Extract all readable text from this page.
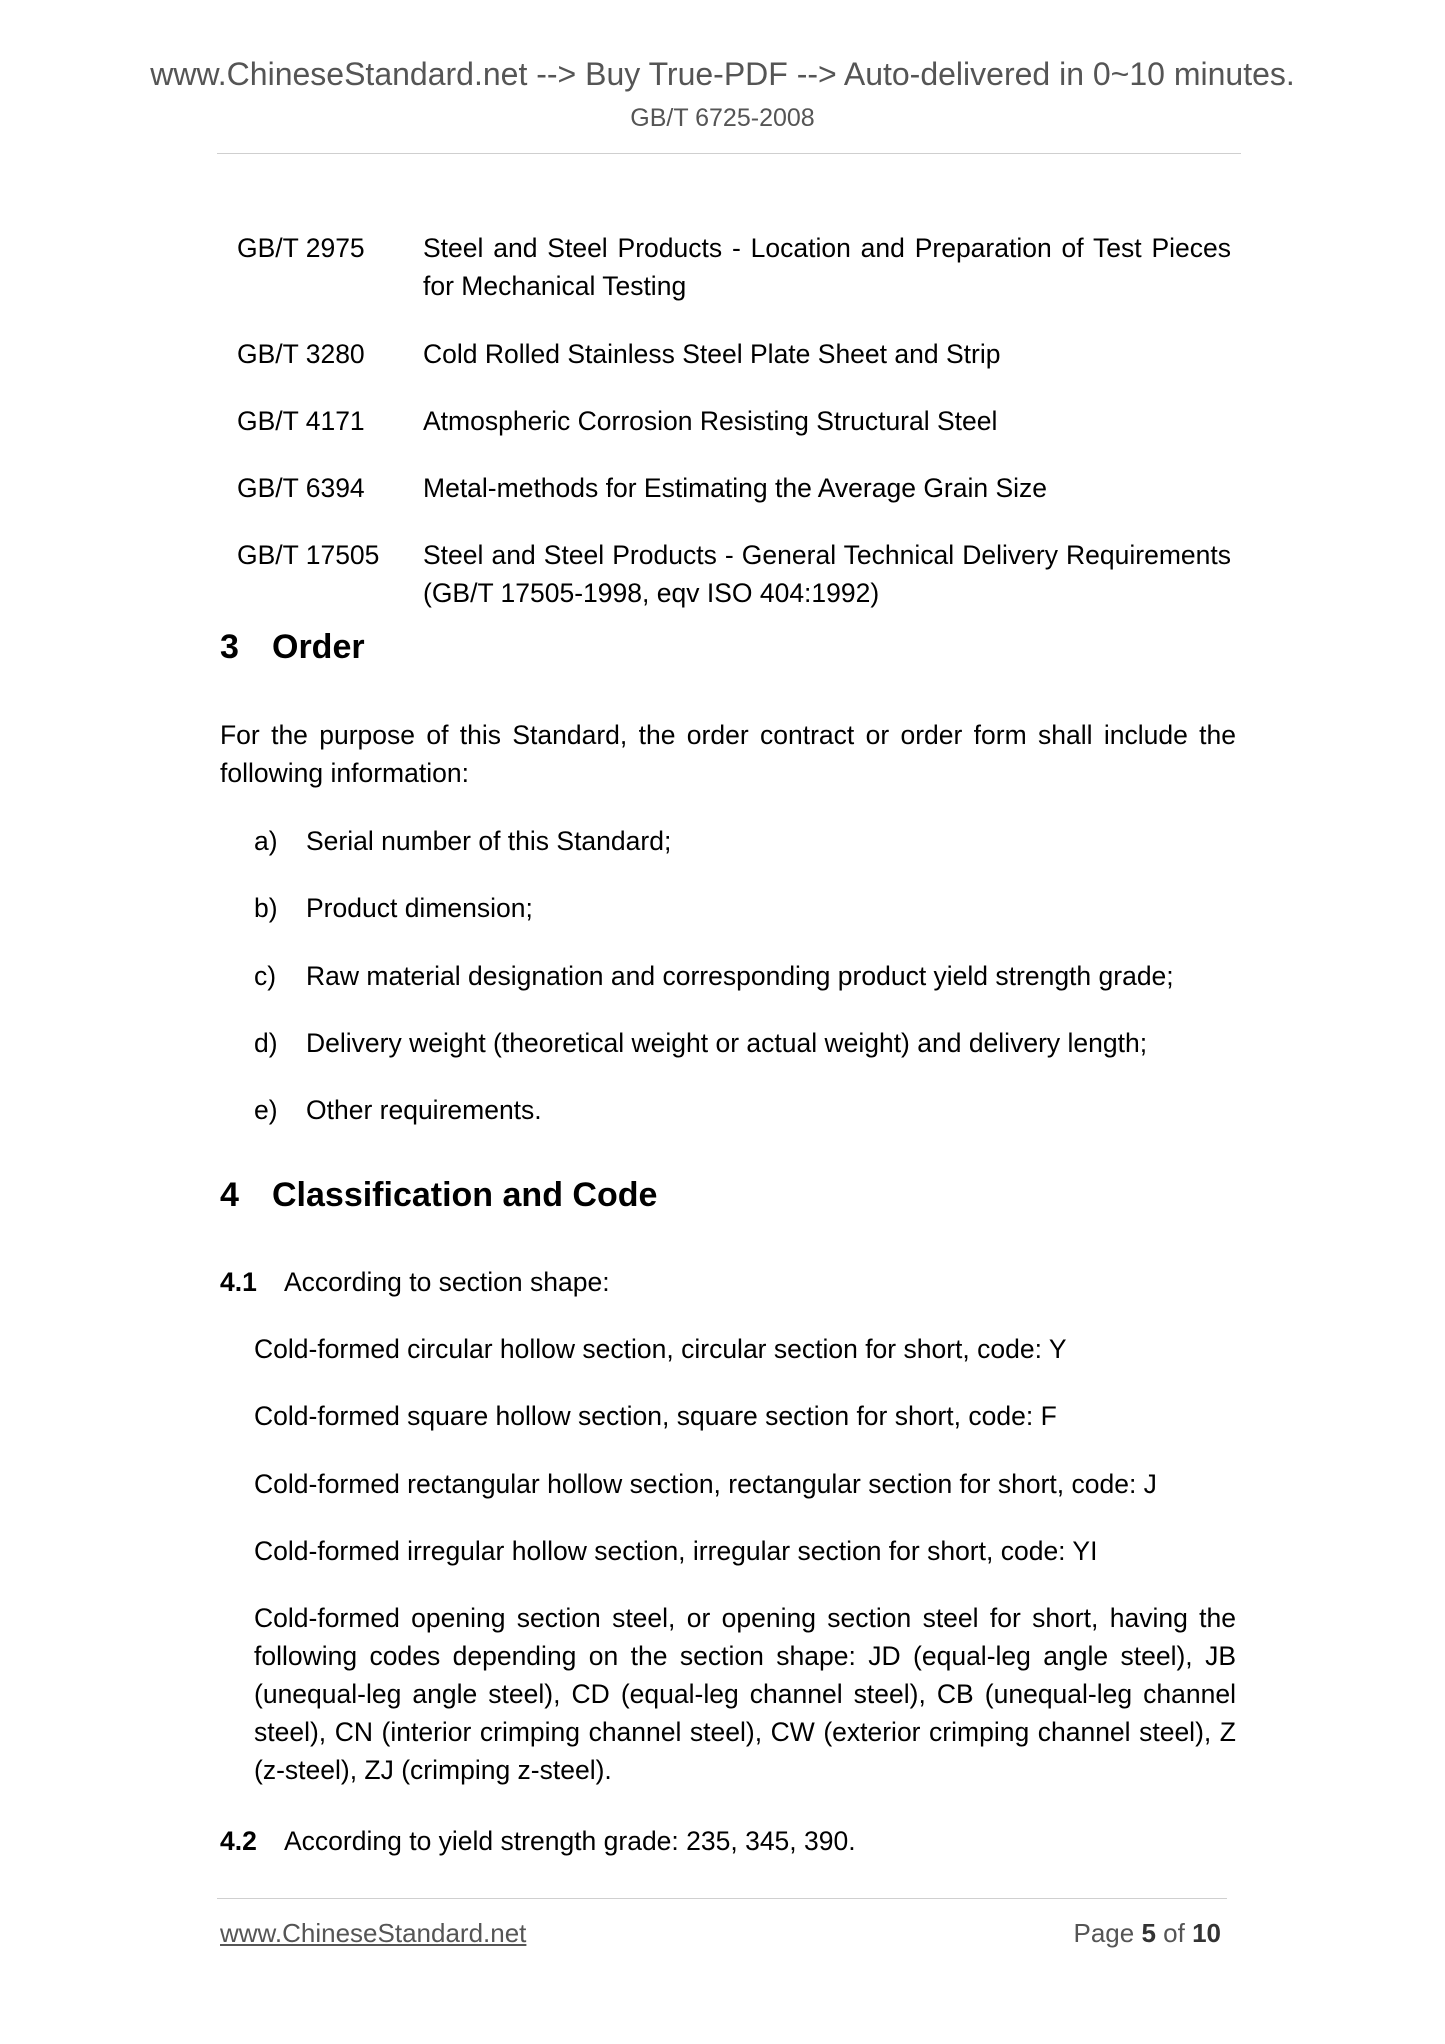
www.ChineseStandard.net --> Buy True-PDF --> Auto-delivered in 0~10 minutes.
GB/T 6725-2008
GB/T 2975	Steel and Steel Products - Location and Preparation of Test Pieces for Mechanical Testing
GB/T 3280	Cold Rolled Stainless Steel Plate Sheet and Strip
GB/T 4171	Atmospheric Corrosion Resisting Structural Steel
GB/T 6394	Metal-methods for Estimating the Average Grain Size
GB/T 17505	Steel and Steel Products - General Technical Delivery Requirements (GB/T 17505-1998, eqv ISO 404:1992)
3 Order
For the purpose of this Standard, the order contract or order form shall include the following information:
a) Serial number of this Standard;
b) Product dimension;
c) Raw material designation and corresponding product yield strength grade;
d) Delivery weight (theoretical weight or actual weight) and delivery length;
e) Other requirements.
4 Classification and Code
4.1 According to section shape:
Cold-formed circular hollow section, circular section for short, code: Y
Cold-formed square hollow section, square section for short, code: F
Cold-formed rectangular hollow section, rectangular section for short, code: J
Cold-formed irregular hollow section, irregular section for short, code: YI
Cold-formed opening section steel, or opening section steel for short, having the following codes depending on the section shape: JD (equal-leg angle steel), JB (unequal-leg angle steel), CD (equal-leg channel steel), CB (unequal-leg channel steel), CN (interior crimping channel steel), CW (exterior crimping channel steel), Z (z-steel), ZJ (crimping z-steel).
4.2 According to yield strength grade: 235, 345, 390.
www.ChineseStandard.net	Page 5 of 10
